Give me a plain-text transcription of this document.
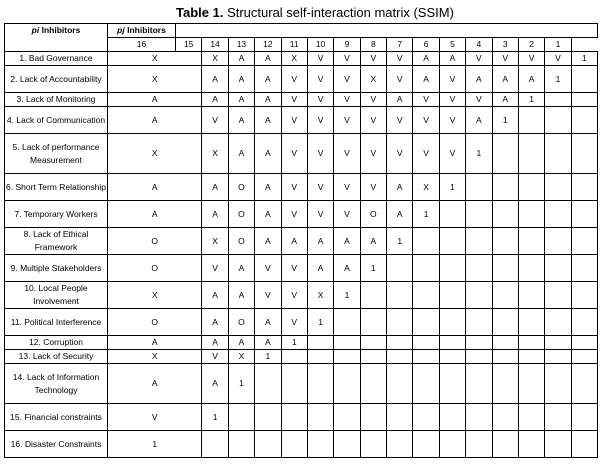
Table 1. Structural self-interaction matrix (SSIM)
pi Inhibitors	pj Inhibitors																
	16	15	14	13	12	11	10	9	8	7	6	5	4	3	2	1	
1. Bad Governance	X		X	A	A	X	V	V	V	V	A	A	V	V	V	V	1
2. Lack of Accountability	X		A	A	A	V	V	V	X	V	A	V	A	A	A	1	
3. Lack of Monitoring	A		A	A	A	V	V	V	V	A	V	V	V	A	1		
4. Lack of Communication	A		V	A	A	V	V	V	V	V	V	V	A	1			
5. Lack of performance Measurement	X		X	A	A	V	V	V	V	V	V	V	1				
6. Short Term Relationship	A		A	O	A	V	V	V	V	A	X	1					
7. Temporary Workers	A		A	O	A	V	V	V	O	A	1						
8. Lack of Ethical Framework	O		X	O	A	A	A	A	A	1							
9. Multiple Stakeholders	O		V	A	V	V	A	A	1								
10. Local People Involvement	X		A	A	V	V	X	1									
11. Political Interference	O		A	O	A	V	1										
12. Corruption	A		A	A	A	1											
13. Lack of Security	X		V	X	1												
14. Lack of Information Technology	A		A	1													
15. Financial constraints	V		1														
16. Disaster Constraints	1																
